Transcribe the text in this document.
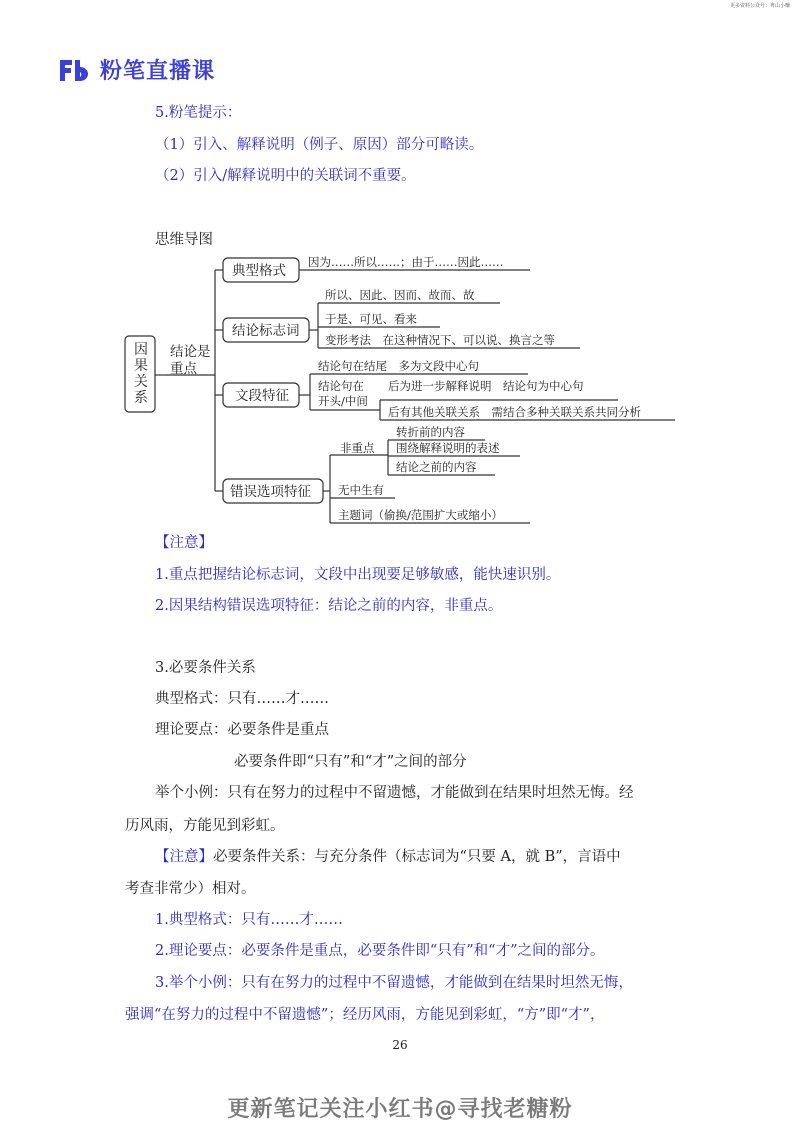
更多资料公众号：粤山小赚
粉笔直播课
5.粉笔提示：
（1）引入、解释说明（例子、原因）部分可略读。
（2）引入/解释说明中的关联词不重要。
思维导图
因
果
关
系
结论是
重点
典型格式
结论标志词
文段特征
错误选项特征
因为……所以……；由于……因此……
所以、因此、因而、故而、故
于是、可见、看来
变形考法　在这种情况下、可以说、换言之等
结论句在结尾　多为文段中心句
结论句在
开头/中间
后为进一步解释说明　结论句为中心句
后有其他关联关系　需结合多种关联关系共同分析
非重点
转折前的内容
围绕解释说明的表述
结论之前的内容
无中生有
主题词（偷换/范围扩大或缩小）
【注意】
1.重点把握结论标志词，文段中出现要足够敏感，能快速识别。
2.因果结构错误选项特征：结论之前的内容，非重点。
3.必要条件关系
典型格式：只有……才……
理论要点：必要条件是重点
必要条件即“只有”和“才”之间的部分
举个小例：只有在努力的过程中不留遗憾，才能做到在结果时坦然无悔。经
历风雨，方能见到彩虹。
【注意】必要条件关系：与充分条件（标志词为“只要 A，就 B”，言语中
考查非常少）相对。
1.典型格式：只有……才……
2.理论要点：必要条件是重点，必要条件即“只有”和“才”之间的部分。
3.举个小例：只有在努力的过程中不留遗憾，才能做到在结果时坦然无悔，
强调“在努力的过程中不留遗憾”；经历风雨，方能见到彩虹，“方”即“才”，
26
更新笔记关注小红书@寻找老糖粉
